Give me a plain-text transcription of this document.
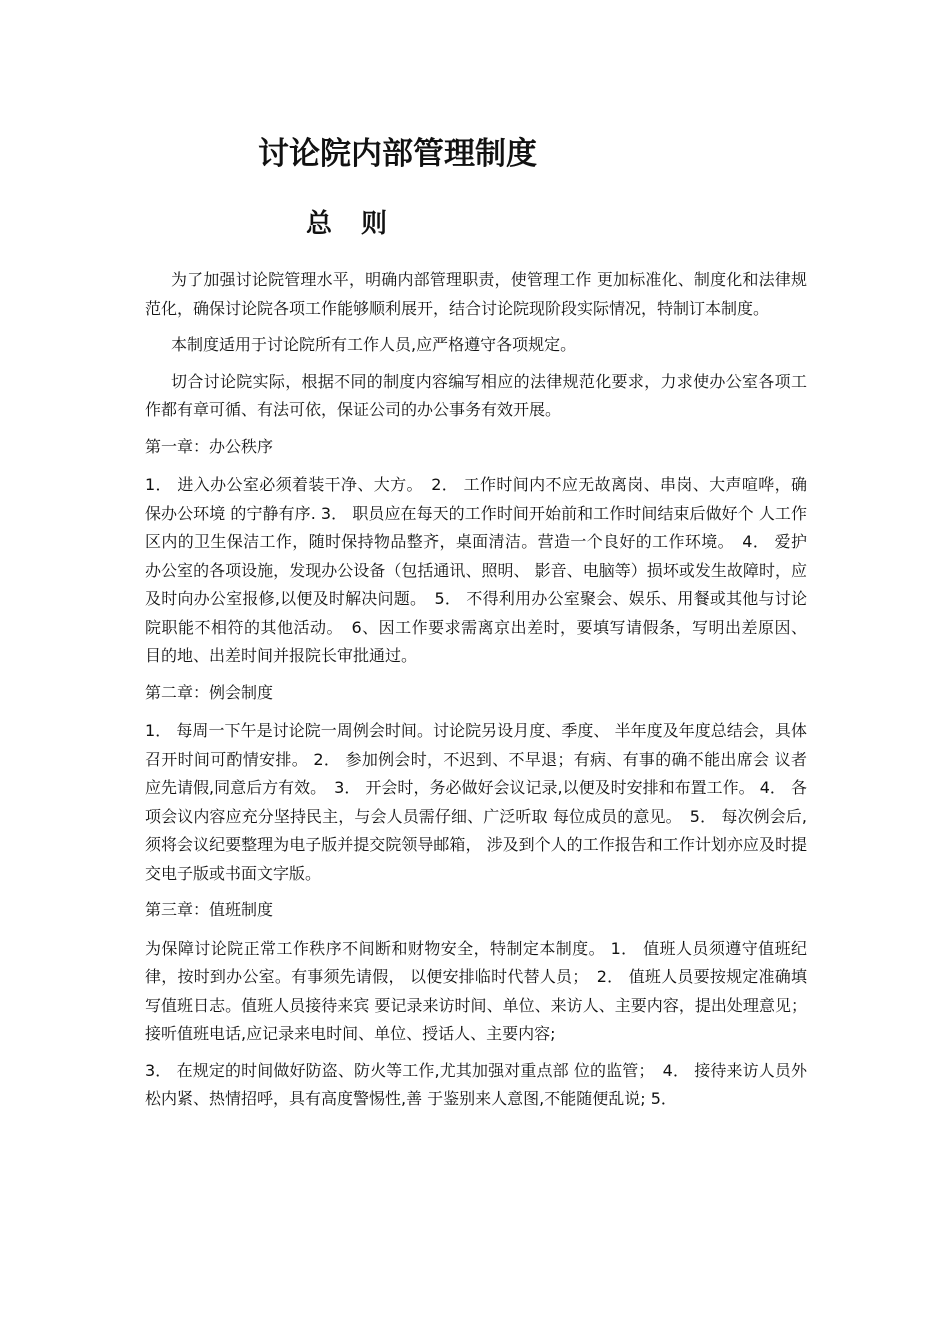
讨论院内部管理制度
总 则

为了加强讨论院管理水平，明确内部管理职责，使管理工作 更加标准化、制度化和法律规范化，确保讨论院各项工作能够顺利展开，结合讨论院现阶段实际情况，特制订本制度。

本制度适用于讨论院所有工作人员,应严格遵守各项规定。

切合讨论院实际，根据不同的制度内容编写相应的法律规范化要求，力求使办公室各项工作都有章可循、有法可依，保证公司的办公事务有效开展。

第一章：办公秩序

1． 进入办公室必须着装干净、大方。　2． 工作时间内不应无故离岗、串岗、大声喧哗，确保办公环境 的宁静有序. 3． 职员应在每天的工作时间开始前和工作时间结束后做好个 人工作区内的卫生保洁工作，随时保持物品整齐，桌面清洁。营造一个良好的工作环境。　4． 爱护办公室的各项设施，发现办公设备（包括通讯、照明、 影音、电脑等）损坏或发生故障时，应及时向办公室报修,以便及时解决问题。　5． 不得利用办公室聚会、娱乐、用餐或其他与讨论院职能不相符的其他活动。　6、因工作要求需离京出差时，要填写请假条，写明出差原因、 目的地、出差时间并报院长审批通过。

第二章：例会制度

1． 每周一下午是讨论院一周例会时间。讨论院另设月度、季度、 半年度及年度总结会，具体召开时间可酌情安排。 2． 参加例会时，不迟到、不早退；有病、有事的确不能出席会 议者应先请假,同意后方有效。　3． 开会时，务必做好会议记录,以便及时安排和布置工作。 4． 各项会议内容应充分坚持民主，与会人员需仔细、广泛听取 每位成员的意见。　5． 每次例会后,须将会议纪要整理为电子版并提交院领导邮箱， 涉及到个人的工作报告和工作计划亦应及时提交电子版或书面文字版。

第三章：值班制度

为保障讨论院正常工作秩序不间断和财物安全，特制定本制度。 1． 值班人员须遵守值班纪律，按时到办公室。有事须先请假， 以便安排临时代替人员；　2． 值班人员要按规定准确填写值班日志。值班人员接待来宾 要记录来访时间、单位、来访人、主要内容，提出处理意见；接听值班电话,应记录来电时间、单位、授话人、主要内容;

3． 在规定的时间做好防盗、防火等工作,尤其加强对重点部 位的监管；　4． 接待来访人员外松内紧、热情招呼，具有高度警惕性,善 于鉴别来人意图,不能随便乱说; 5．
